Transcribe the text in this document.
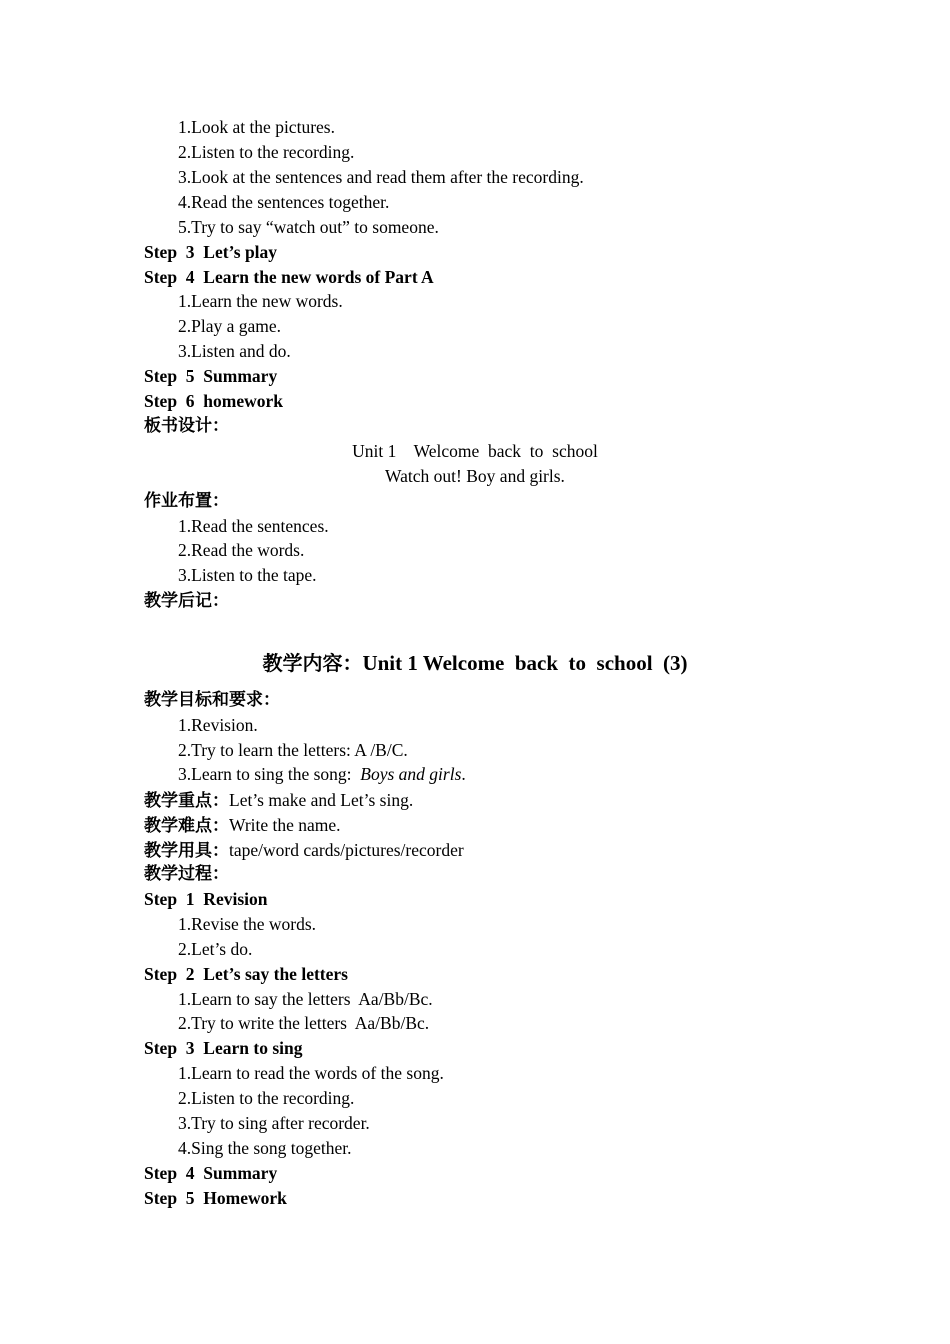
1.Look at the pictures.
2.Listen to the recording.
3.Look at the sentences and read them after the recording.
4.Read the sentences together.
5.Try to say “watch out” to someone.
Step  3  Let’s play
Step  4  Learn the new words of Part A
1.Learn the new words.
2.Play a game.
3.Listen and do.
Step  5  Summary
Step  6  homework
板书设计：
Unit 1    Welcome  back  to  school
Watch out! Boy and girls.
作业布置：
1.Read the sentences.
2.Read the words.
3.Listen to the tape.
教学后记：
教学内容：Unit 1 Welcome  back  to  school  (3)
教学目标和要求：
1.Revision.
2.Try to learn the letters: A /B/C.
3.Learn to sing the song:  Boys and girls.
教学重点：Let’s make and Let’s sing.
教学难点：Write the name.
教学用具：tape/word cards/pictures/recorder
教学过程：
Step  1  Revision
1.Revise the words.
2.Let’s do.
Step  2  Let’s say the letters
1.Learn to say the letters  Aa/Bb/Bc.
2.Try to write the letters  Aa/Bb/Bc.
Step  3  Learn to sing
1.Learn to read the words of the song.
2.Listen to the recording.
3.Try to sing after recorder.
4.Sing the song together.
Step  4  Summary
Step  5  Homework
